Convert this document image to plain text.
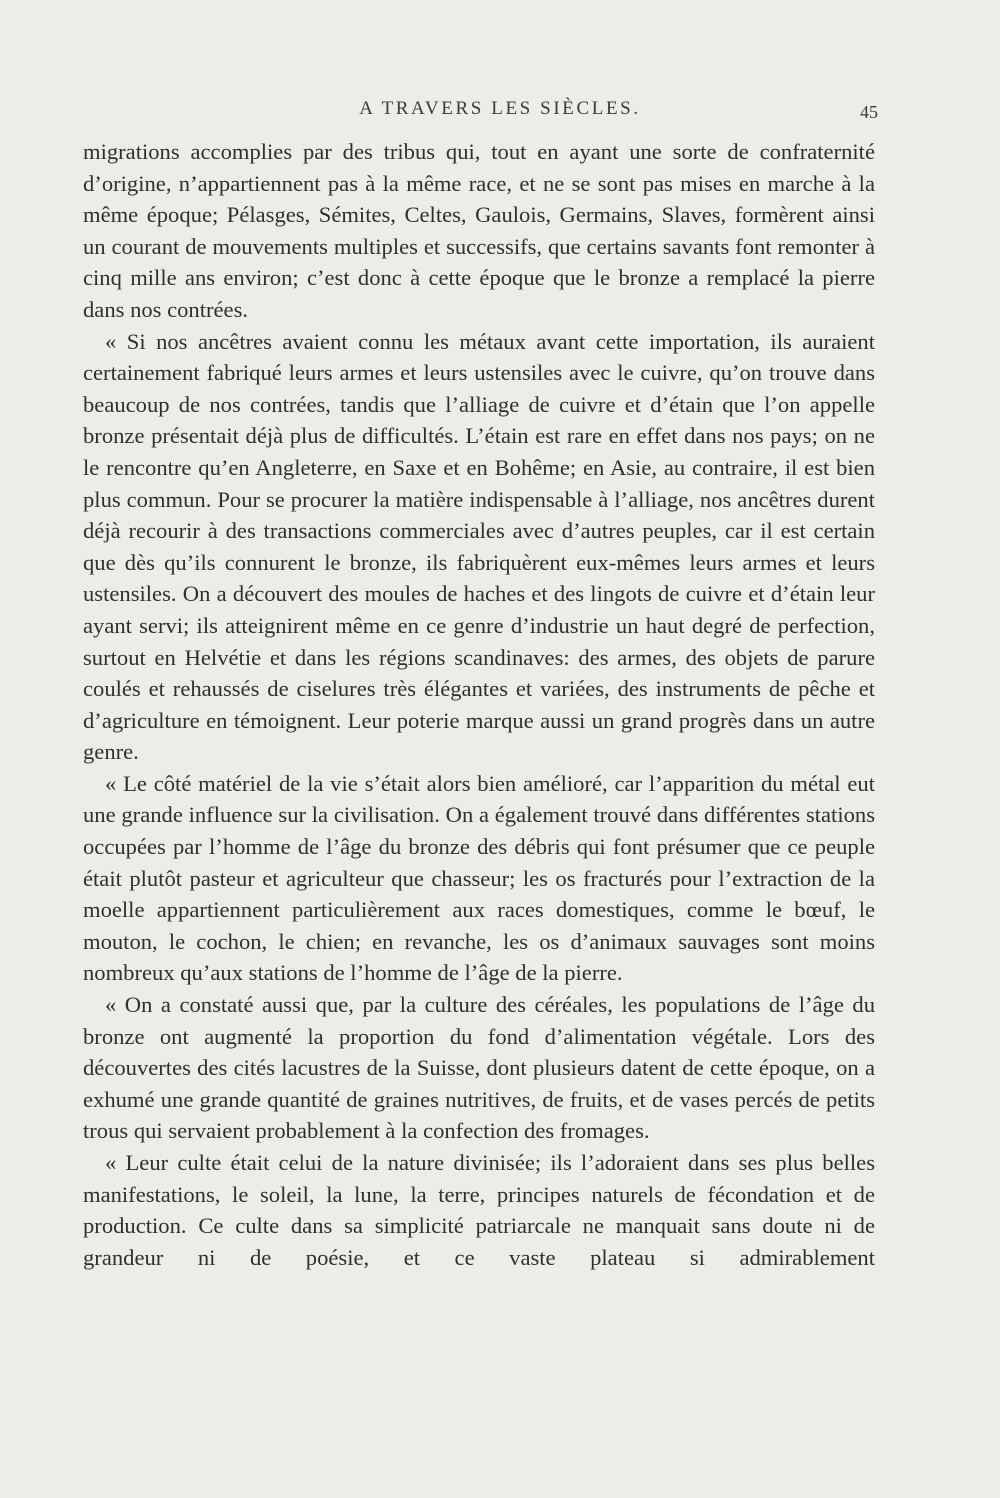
A TRAVERS LES SIÈCLES.	45

migrations accomplies par des tribus qui, tout en ayant une sorte de confraternité d’origine, n’appartiennent pas à la même race, et ne se sont pas mises en marche à la même époque; Pélasges, Sémites, Celtes, Gaulois, Germains, Slaves, formèrent ainsi un courant de mouvements multiples et successifs, que certains savants font remonter à cinq mille ans environ; c’est donc à cette époque que le bronze a remplacé la pierre dans nos contrées.

« Si nos ancêtres avaient connu les métaux avant cette importation, ils auraient certainement fabriqué leurs armes et leurs ustensiles avec le cuivre, qu’on trouve dans beaucoup de nos contrées, tandis que l’alliage de cuivre et d’étain que l’on appelle bronze présentait déjà plus de difficultés. L’étain est rare en effet dans nos pays; on ne le rencontre qu’en Angleterre, en Saxe et en Bohême; en Asie, au contraire, il est bien plus commun. Pour se procurer la matière indispensable à l’alliage, nos ancêtres durent déjà recourir à des transactions commerciales avec d’autres peuples, car il est certain que dès qu’ils connurent le bronze, ils fabriquèrent eux-mêmes leurs armes et leurs ustensiles. On a découvert des moules de haches et des lingots de cuivre et d’étain leur ayant servi; ils atteignirent même en ce genre d’industrie un haut degré de perfection, surtout en Helvétie et dans les régions scandinaves: des armes, des objets de parure coulés et rehaussés de ciselures très élégantes et variées, des instruments de pêche et d’agriculture en témoignent. Leur poterie marque aussi un grand progrès dans un autre genre.

« Le côté matériel de la vie s’était alors bien amélioré, car l’apparition du métal eut une grande influence sur la civilisation. On a également trouvé dans différentes stations occupées par l’homme de l’âge du bronze des débris qui font présumer que ce peuple était plutôt pasteur et agriculteur que chasseur; les os fracturés pour l’extraction de la moelle appartiennent particulièrement aux races domestiques, comme le bœuf, le mouton, le cochon, le chien; en revanche, les os d’animaux sauvages sont moins nombreux qu’aux stations de l’homme de l’âge de la pierre.

« On a constaté aussi que, par la culture des céréales, les populations de l’âge du bronze ont augmenté la proportion du fond d’alimentation végétale. Lors des découvertes des cités lacustres de la Suisse, dont plusieurs datent de cette époque, on a exhumé une grande quantité de graines nutritives, de fruits, et de vases percés de petits trous qui servaient probablement à la confection des fromages.

« Leur culte était celui de la nature divinisée; ils l’adoraient dans ses plus belles manifestations, le soleil, la lune, la terre, principes naturels de fécondation et de production. Ce culte dans sa simplicité patriarcale ne manquait sans doute ni de grandeur ni de poésie, et ce vaste plateau si admirablement
